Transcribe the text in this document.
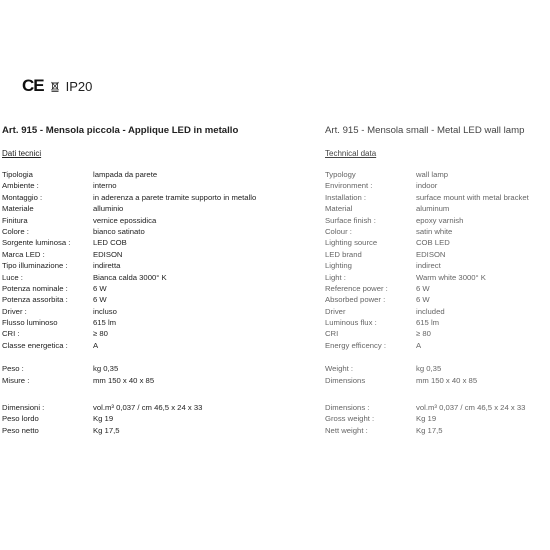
CE IP20
Art. 915 - Mensola piccola - Applique LED in metallo
Dati tecnici
Tipologia	lampada da parete
Ambiente :	interno
Montaggio :	in aderenza a parete tramite supporto in metallo
Materiale	alluminio
Finitura	vernice epossidica
Colore :	bianco satinato
Sorgente luminosa :	LED COB
Marca LED :	EDISON
Tipo illuminazione :	indiretta
Luce :	Bianca calda 3000° K
Potenza nominale :	6 W
Potenza assorbita :	6 W
Driver :	incluso
Flusso luminoso	615 lm
CRI :	≥ 80
Classe energetica :	A
Peso :	kg 0,35
Misure :	mm 150 x 40 x 85
Dimensioni :	vol.m³ 0,037 / cm 46,5 x 24 x 33
Peso lordo	Kg 19
Peso netto	Kg 17,5
Art. 915 - Mensola small - Metal LED wall lamp
Technical data
Typology	wall lamp
Environment :	indoor
Installation :	surface mount with metal bracket
Material	aluminum
Surface finish :	epoxy varnish
Colour :	satin white
Lighting source	COB LED
LED brand	EDISON
Lighting	indirect
Light :	Warm white 3000° K
Reference power :	6 W
Absorbed power :	6 W
Driver	included
Luminous flux :	615 lm
CRI	≥ 80
Energy efficency :	A
Weight :	kg 0,35
Dimensions	mm 150 x 40 x 85
Dimensions :	vol.m³ 0,037 / cm 46,5 x 24 x 33
Gross weight :	Kg 19
Nett weight :	Kg 17,5
